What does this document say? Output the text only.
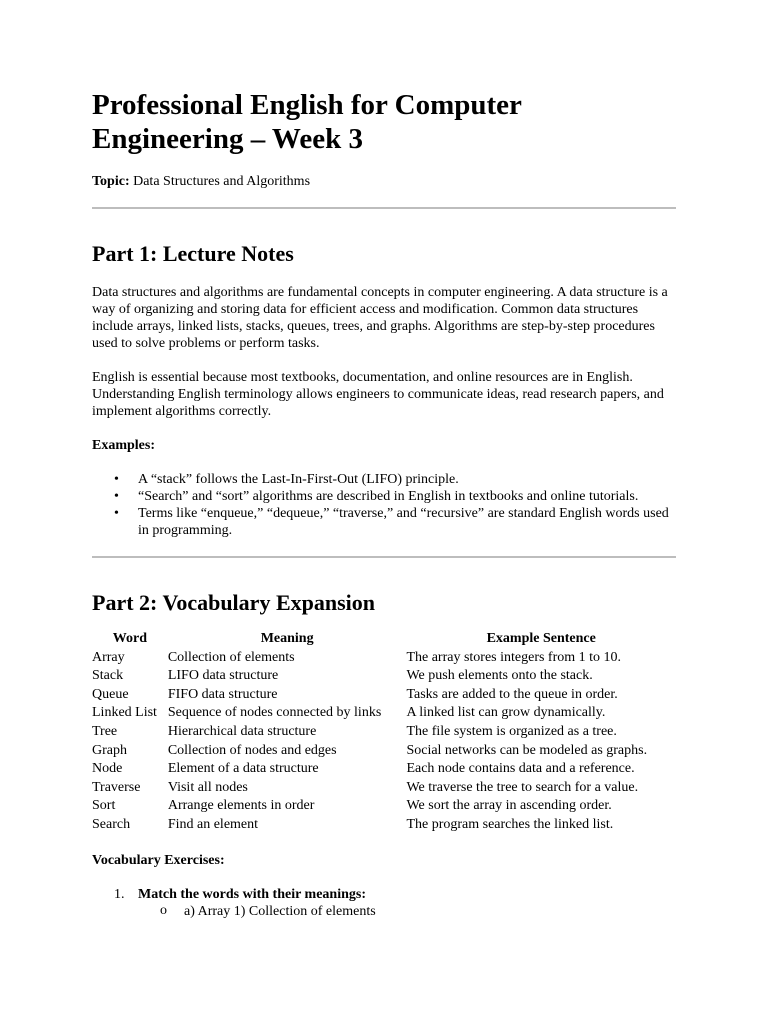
Professional English for Computer Engineering – Week 3
Topic: Data Structures and Algorithms
Part 1: Lecture Notes

Data structures and algorithms are fundamental concepts in computer engineering. A data structure is a way of organizing and storing data for efficient access and modification. Common data structures include arrays, linked lists, stacks, queues, trees, and graphs. Algorithms are step-by-step procedures used to solve problems or perform tasks.

English is essential because most textbooks, documentation, and online resources are in English. Understanding English terminology allows engineers to communicate ideas, read research papers, and implement algorithms correctly.

Examples:
• A “stack” follows the Last-In-First-Out (LIFO) principle.
• “Search” and “sort” algorithms are described in English in textbooks and online tutorials.
• Terms like “enqueue,” “dequeue,” “traverse,” and “recursive” are standard English words used in programming.
Part 2: Vocabulary Expansion
Word	Meaning	Example Sentence
Array	Collection of elements	The array stores integers from 1 to 10.
Stack	LIFO data structure	We push elements onto the stack.
Queue	FIFO data structure	Tasks are added to the queue in order.
Linked List	Sequence of nodes connected by links	A linked list can grow dynamically.
Tree	Hierarchical data structure	The file system is organized as a tree.
Graph	Collection of nodes and edges	Social networks can be modeled as graphs.
Node	Element of a data structure	Each node contains data and a reference.
Traverse	Visit all nodes	We traverse the tree to search for a value.
Sort	Arrange elements in order	We sort the array in ascending order.
Search	Find an element	The program searches the linked list.
Vocabulary Exercises:
1. Match the words with their meanings:
o a) Array 1) Collection of elements
